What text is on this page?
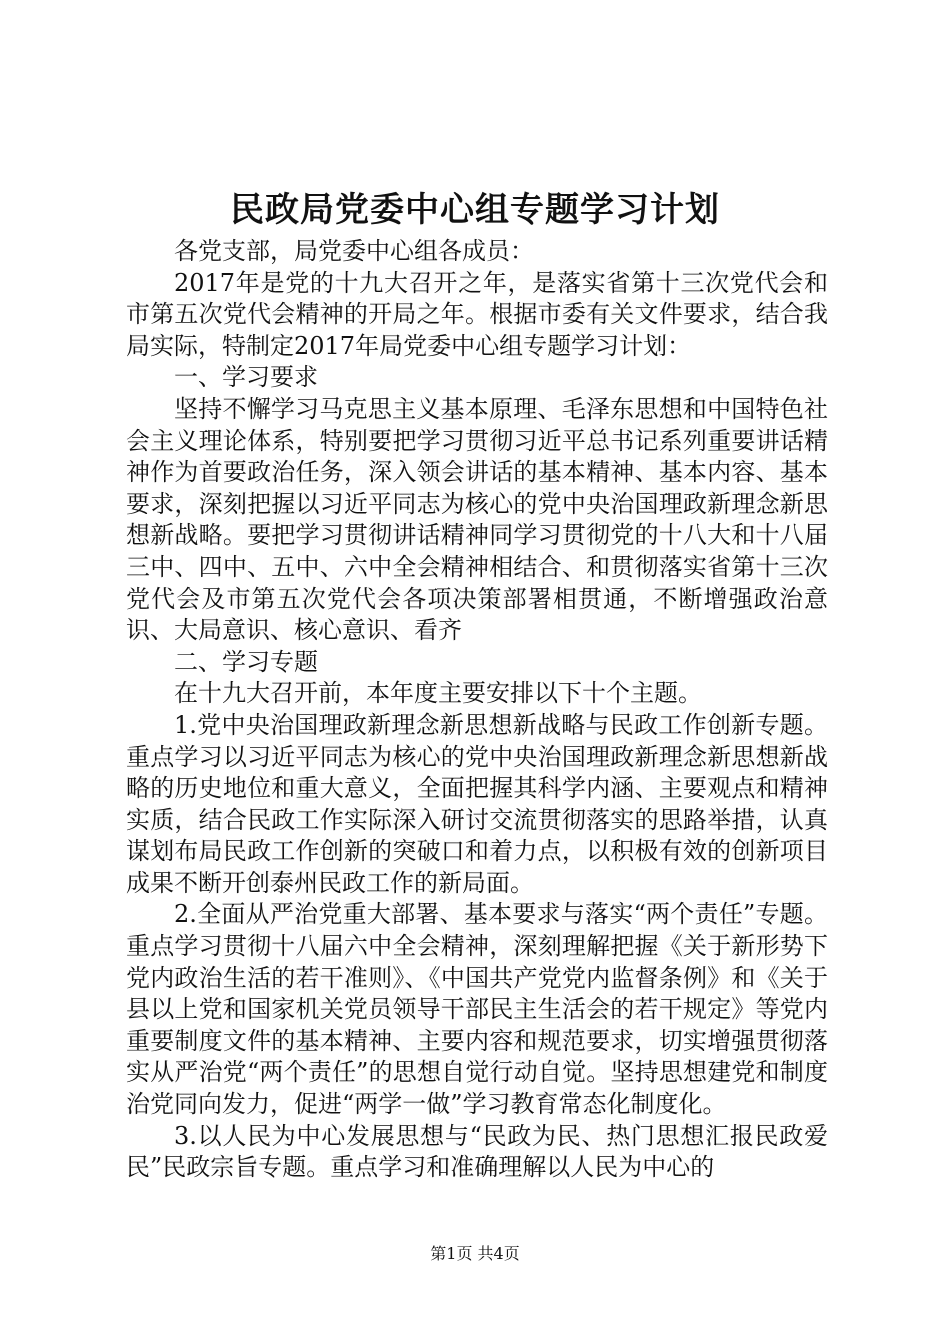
民政局党委中心组专题学习计划

各党支部，局党委中心组各成员：

2017年是党的十九大召开之年，是落实省第十三次党代会和市第五次党代会精神的开局之年。根据市委有关文件要求，结合我局实际，特制定2017年局党委中心组专题学习计划：

一、学习要求

坚持不懈学习马克思主义基本原理、毛泽东思想和中国特色社会主义理论体系，特别要把学习贯彻习近平总书记系列重要讲话精神作为首要政治任务，深入领会讲话的基本精神、基本内容、基本要求，深刻把握以习近平同志为核心的党中央治国理政新理念新思想新战略。要把学习贯彻讲话精神同学习贯彻党的十八大和十八届三中、四中、五中、六中全会精神相结合、和贯彻落实省第十三次党代会及市第五次党代会各项决策部署相贯通，不断增强政治意识、大局意识、核心意识、看齐

二、学习专题

在十九大召开前，本年度主要安排以下十个主题。

1.党中央治国理政新理念新思想新战略与民政工作创新专题。重点学习以习近平同志为核心的党中央治国理政新理念新思想新战略的历史地位和重大意义，全面把握其科学内涵、主要观点和精神实质，结合民政工作实际深入研讨交流贯彻落实的思路举措，认真谋划布局民政工作创新的突破口和着力点，以积极有效的创新项目成果不断开创泰州民政工作的新局面。

2.全面从严治党重大部署、基本要求与落实“两个责任”专题。重点学习贯彻十八届六中全会精神，深刻理解把握《关于新形势下党内政治生活的若干准则》、《中国共产党党内监督条例》和《关于县以上党和国家机关党员领导干部民主生活会的若干规定》等党内重要制度文件的基本精神、主要内容和规范要求，切实增强贯彻落实从严治党“两个责任”的思想自觉行动自觉。坚持思想建党和制度治党同向发力，促进“两学一做”学习教育常态化制度化。

3.以人民为中心发展思想与“民政为民、热门思想汇报民政爱民”民政宗旨专题。重点学习和准确理解以人民为中心的

第1页 共4页
